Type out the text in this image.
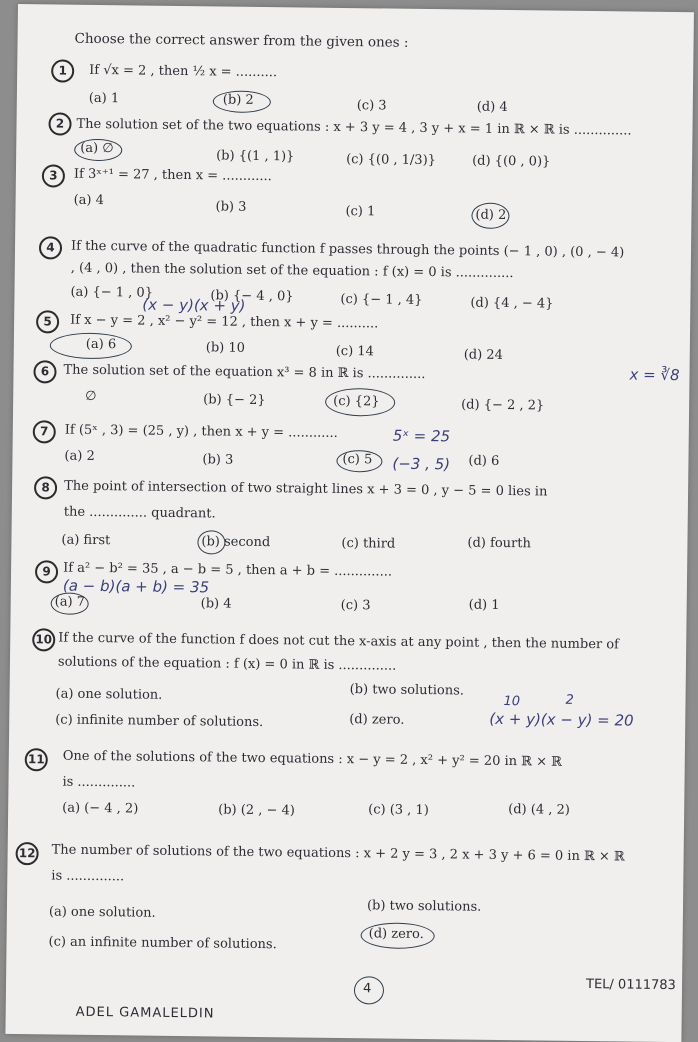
Choose the correct answer from the given ones :
1	If √x = 2 , then ½ x = ..........
(a) 1	(b) 2	(c) 3	(d) 4
2 The solution set of the two equations : x + 3 y = 4 , 3 y + x = 1 in ℝ × ℝ is ..............
(a) ∅	(b) {(1 , 1)}	(c) {(0 , 1/3)}	(d) {(0 , 0)}
3	If 3ˣ⁺¹ = 27 , then x = ............
(a) 4	(b) 3	(c) 1	(d) 2
4	If the curve of the quadratic function f passes through the points (− 1 , 0) , (0 , − 4)
, (4 , 0) , then the solution set of the equation : f (x) = 0 is ..............
(a) {− 1 , 0}	(b) {− 4 , 0}	(c) {− 1 , 4}	(d) {4 , − 4}
5	If x − y = 2 , x² − y² = 12 , then x + y = ..........
(x − y)(x + y)
(a) 6	(b) 10	(c) 14	(d) 24
6	The solution set of the equation x³ = 8 in ℝ is ..............	x = ∛8
∅	(b) {− 2}	(c) {2}	(d) {− 2 , 2}
7	If (5ˣ , 3) = (25 , y) , then x + y = ............	5ˣ = 25
(a) 2	(b) 3	(c) 5 (−3 , 5) (d) 6
8	The point of intersection of two straight lines x + 3 = 0 , y − 5 = 0 lies in
the .............. quadrant.
(a) first	(b) second	(c) third	(d) fourth
9 If a² − b² = 35 , a − b = 5 , then a + b = ..............
(a − b)(a + b) = 35
(a) 7	(b) 4	(c) 3	(d) 1
10 If the curve of the function f does not cut the x-axis at any point , then the number of
solutions of the equation : f (x) = 0 in ℝ is ..............
(a) one solution.	(b) two solutions.
(c) infinite number of solutions.	(d) zero.
10	2
(x + y)(x − y) = 20
11 One of the solutions of the two equations : x − y = 2 , x² + y² = 20 in ℝ × ℝ
is ..............
(a) (− 4 , 2)	(b) (2 , − 4)	(c) (3 , 1)	(d) (4 , 2)
12 The number of solutions of the two equations : x + 2 y = 3 , 2 x + 3 y + 6 = 0 in ℝ × ℝ
is ..............
(a) one solution.	(b) two solutions.
(c) an infinite number of solutions.
(d) zero.
4	TEL/ 0111783
ADEL GAMALELDIN
